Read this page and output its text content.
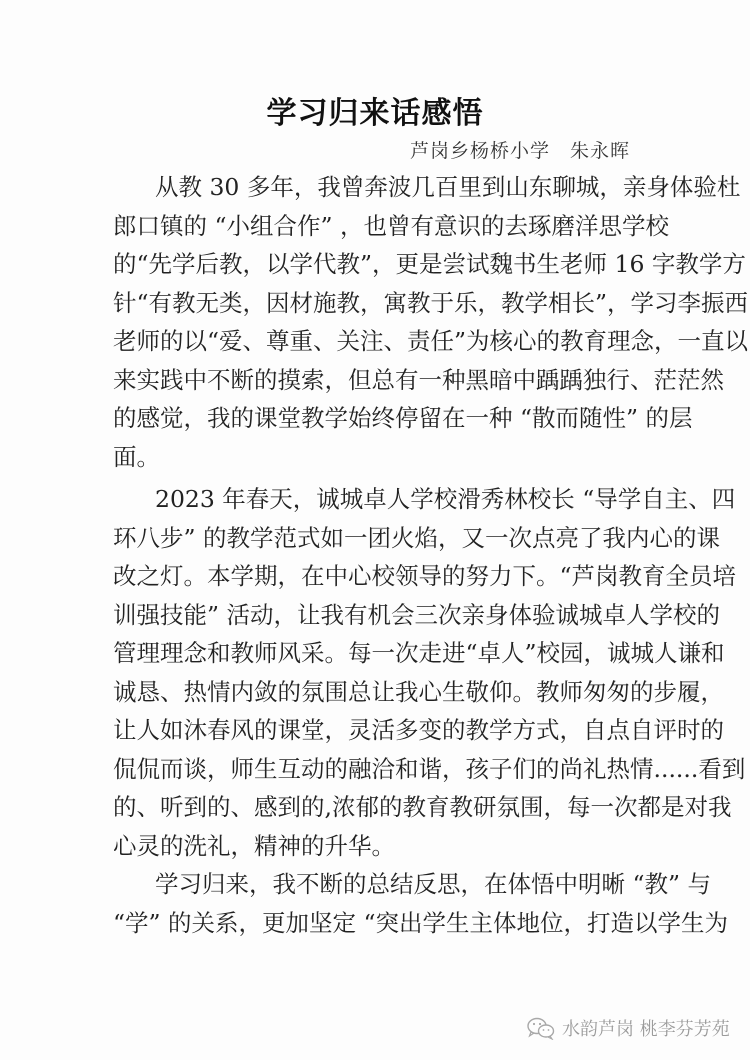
学习归来话感悟
芦岗乡杨桥小学　朱永晖
从教 30 多年，我曾奔波几百里到山东聊城，亲身体验杜
郎口镇的 “小组合作” ，也曾有意识的去琢磨洋思学校
的“先学后教，以学代教”，更是尝试魏书生老师 16 字教学方
针“有教无类，因材施教，寓教于乐，教学相长”，学习李振西
老师的以“爱、尊重、关注、责任”为核心的教育理念，一直以
来实践中不断的摸索，但总有一种黑暗中踽踽独行、茫茫然
的感觉，我的课堂教学始终停留在一种 “散而随性” 的层
面。
2023 年春天，诚城卓人学校滑秀林校长 “导学自主、四
环八步” 的教学范式如一团火焰，又一次点亮了我内心的课
改之灯。本学期，在中心校领导的努力下。“芦岗教育全员培
训强技能” 活动，让我有机会三次亲身体验诚城卓人学校的
管理理念和教师风采。每一次走进“卓人”校园，诚城人谦和
诚恳、热情内敛的氛围总让我心生敬仰。教师匆匆的步履，
让人如沐春风的课堂，灵活多变的教学方式，自点自评时的
侃侃而谈，师生互动的融洽和谐，孩子们的尚礼热情......看到
的、听到的、感到的,浓郁的教育教研氛围，每一次都是对我
心灵的洗礼，精神的升华。
学习归来，我不断的总结反思，在体悟中明晰 “教” 与
“学” 的关系，更加坚定 “突出学生主体地位，打造以学生为
水韵芦岗 桃李芬芳苑
